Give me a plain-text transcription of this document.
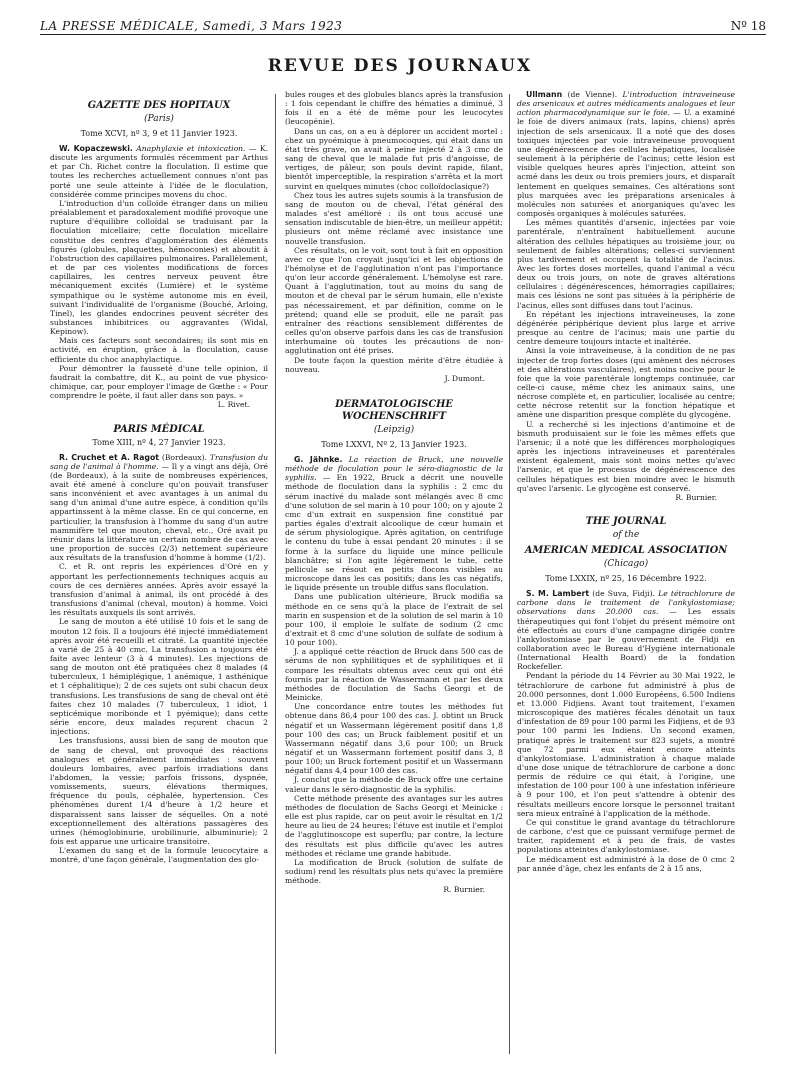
LA PRESSE MÉDICALE, Samedi, 3 Mars 1923	Nº 18
REVUE DES JOURNAUX
GAZETTE DES HOPITAUX
(Paris)
Tome XCVI, nº 3, 9 et 11 Janvier 1923.

W. Kopaczewski. Anaphylaxie et intoxication. — K. discute les arguments formulés récemment par Arthus et par Ch. Richet contre la floculation. Il estime que toutes les recherches actuellement connues n'ont pas porté une seule atteinte à l'idée de le floculation, considérée comme principes movens du choc.

L'introduction d'un colloïde étranger dans un milieu préalablement et paradoxalement modifié provoque une rupture d'équilibre colloïdal se traduisant par la floculation micellaire; cette floculation micellaire constitue des centres d'agglomération des éléments figurés (globules, plaquettes, hémoconies) et aboutit à l'obstruction des capillaires pulmonaires. Parallèlement, et de par ces violentes modifications de forces capillaires, les centres nerveux peuvent être mécaniquement excités (Lumière) et le système sympathique ou le système autonome mis en éveil, suivant l'individualité de l'organisme (Bouché, Arloing, Tinel), les glandes endocrines peuvent sécréter des substances inhibitrices ou aggravantes (Widal, Kepinow).

Mais ces facteurs sont secondaires; ils sont mis en activité, en éruption, grâce à la floculation, cause efficiente du choc anaphylactique.

Pour démontrer la fausseté d'une telle opinion, il faudrait la combattre, dit K., au point de vue physico-chimique, car, pour employer l'image de Gœthe : « Pour comprendre le poète, il faut aller dans son pays. »

L. Rivet.

PARIS MÉDICAL
Tome XIII, nº 4, 27 Janvier 1923.

R. Cruchet et A. Ragot (Bordeaux). Transfusion du sang de l'animal à l'homme. — Il y a vingt ans déjà, Oré (de Bordeaux), à la suite de nombreuses expériences, avait été amené à conclure qu'on pouvait transfuser sans inconvénient et avec avantages à un animal du sang d'un animal d'une autre espèce, à condition qu'ils appartinssent à la même classe. En ce qui concerne, en particulier, la transfusion à l'homme du sang d'un autre mammifère tel que mouton, cheval, etc., Oré avait pu réunir dans la littérature un certain nombre de cas avec une proportion de succès (2/3) nettement supérieure aux résultats de la transfusion d'homme à homme (1/2).

C. et R. ont repris les expériences d'Oré en y apportant les perfectionnements techniques acquis au cours de ces dernières années. Après avoir essayé la transfusion d'animal à animal, ils ont procédé à des transfusions d'animal (cheval, mouton) à homme. Voici les résultats auxquels ils sont arrivés.

Le sang de mouton a été utilisé 10 fois et le sang de mouton 12 fois. Il a toujours été injecté immédiatement après avoir été recueilli et citraté. La quantité injectée a varié de 25 à 40 cmc. La transfusion a toujours été faite avec lenteur (3 à 4 minutes). Les injections de sang de mouton ont été pratiquées chez 8 malades (4 tuberculeux, 1 hémiplégique, 1 anémique, 1 asthénique et 1 céphalitique); 2 de ces sujets ont subi chacun deux transfusions. Les transfusions de sang de cheval ont été faites chez 10 malades (7 tuberculeux, 1 idiot, 1 septicémique moribonde et 1 pyémique); dans cette série encore, deux malades reçurent chacun 2 injections.

Les transfusions, aussi bien de sang de mouton que de sang de cheval, ont provoqué des réactions analogues et généralement immédiates : souvent douleurs lombaires, avec parfois irradiations dans l'abdomen, la vessie; parfois frissons, dyspnée, vomissements, sueurs, élévations thermiques, fréquence du pouls, céphalée, hypertension. Ces phénomènes durent 1/4 d'heure à 1/2 heure et disparaissent sans laisser de séquelles. On a noté exceptionnellement des altérations passagères des urines (hémoglobinurie, urobilinurie, albuminurie); 2 fois est apparue une urticaire transitoire.

L'examen du sang et de la formule leucocytaire a montré, d'une façon générale, l'augmentation des glo-

bules rouges et des globules blancs après la transfusion : 1 fois cependant le chiffre des hématies a diminué, 3 fois il en a été de même pour les leucocytes (leucopénie).

Dans un cas, on a eu à déplorer un accident mortel : chez un pyoémique à pneumocoques, qui était dans un état très grave, on avait à peine injecté 2 à 3 cmc de sang de cheval que le malade fut pris d'angoisse, de vertiges, de pâleur, son pouls devint rapide, filant, bientôt imperceptible, la respiration s'arrêta et la mort survint en quelques minutes (choc colloïdoclasique?)

Chez tous les autres sujets soumis à la transfusion de sang de mouton ou de cheval, l'état général des malades s'est amélioré : ils ont tous accusé une sensation indiscutable de bien-être, un meilleur appétit; plusieurs ont même réclamé avec insistance une nouvelle transfusion.

Ces résultats, on le voit, sont tout à fait en opposition avec ce que l'on croyait jusqu'ici et les objections de l'hémolyse et de l'agglutination n'ont pas l'importance qu'on leur accorde généralement. L'hémolyse est rare. Quant à l'agglutination, tout au moins du sang de mouton et de cheval par le sérum humain, elle n'existe pas nécessairement, et par définition, comme on le prétend; quand elle se produit, elle ne paraît pas entraîner des réactions sensiblement différentes de celles qu'on observe parfois dans les cas de transfusion interhumaine où toutes les précautions de non-agglutination ont été prises.

De toute façon la question mérite d'être étudiée à nouveau.

J. Dumont.

DERMATOLOGISCHE WOCHENSCHRIFT
(Leipzig)
Tome LXXVI, Nº 2, 13 Janvier 1923.

G. Jähnke. La réaction de Bruck, une nouvelle méthode de floculation pour le séro-diagnostic de la syphilis. — En 1922, Bruck a décrit une nouvelle méthode de floculation dans la syphilis : 2 cmc du sérum inactivé du malade sont mélangés avec 8 cmc d'une solution de sel marin à 10 pour 100; on y ajoute 2 cmc d'un extrait en suspension fine constitué par parties égales d'extrait alcoolique de cœur humain et de sérum physiologique. Après agitation, on centrifuge le contenu du tube à essai pendant 20 minutes : il se forme à la surface du liquide une mince pellicule blanchâtre; si l'on agite légèrement le tube, cette pellicule se résout en petits flocons visibles au microscope dans les cas positifs; dans les cas négatifs, le liquide présente un trouble diffus sans floculation.

Dans une publication ultérieure, Bruck modifia sa méthode en ce sens qu'à la place de l'extrait de sel marin en suspension et de la solution de sel marin à 10 pour 100, il emploie le sulfate de sodium (2 cmc d'extrait et 8 cmc d'une solution de sulfate de sodium à 10 pour 100).

J. a appliqué cette réaction de Bruck dans 500 cas de sérums de non syphilitiques et de syphilitiques et il compare les résultats obtenus avec ceux qui ont été fournis par la réaction de Wassermann et par les deux méthodes de floculation de Sachs Georgi et de Meinicke.

Une concordance entre toutes les méthodes fut obtenue dans 86,4 pour 100 des cas. J. obtint un Bruck négatif et un Wassermann légèrement positif dans 1,8 pour 100 des cas; un Bruck faiblement positif et un Wassermann négatif dans 3,6 pour 100; un Bruck négatif et un Wassermann fortement positif dans 3, 8 pour 100; un Bruck fortement positif et un Wassermann négatif dans 4,4 pour 100 des cas.

J. conclut que la méthode de Bruck offre une certaine valeur dans le séro-diagnostic de la syphilis.

Cette méthode présente des avantages sur les autres méthodes de floculation de Sachs Georgi et Meinicke : elle est plus rapide, car on peut avoir le résultat en 1/2 heure au lieu de 24 heures; l'étuve est inutile et l'emploi de l'agglutinoscope est superflu; par contre, la lecture des résultats est plus difficile qu'avec les autres méthodes et réclame une grande habitude.

La modification de Bruck (solution de sulfate de sodium) rend les résultats plus nets qu'avec la première méthode.

R. Burnier.

Ullmann (de Vienne). L'introduction intraveineuse des arsenicaux et autres médicaments analogues et leur action pharmacodynamique sur le foie. — U. a examiné le foie de divers animaux (rats, lapins, chiens) après injection de sels arsenicaux. Il a noté que des doses toxiques injectées par voie intraveineuse provoquent une dégénérescence des cellules hépatiques, localisée seulement à la périphérie de l'acinus; cette lésion est visible quelques heures après l'injection, atteint son acmé dans les deux ou trois premiers jours, et disparaît lentement en quelques semaines. Ces altérations sont plus marquées avec les préparations arsenicales à molécules non saturées et anorganiques qu'avec les composés organiques à molécules saturées.

Les mêmes quantités d'arsenic, injectées par voie parentérale, n'entraînent habituellement aucune altération des cellules hépatiques au troisième jour, ou seulement de faibles altérations; celles-ci surviennent plus tardivement et occupent la totalité de l'acinus. Avec les fortes doses mortelles, quand l'animal a vécu deux ou trois jours, on note de graves altérations cellulaires : dégénérescences, hémorragies capillaires; mais ces lésions ne sont pas situées à la périphérie de l'acinus, elles sont diffuses dans tout l'acinus.

En répétant les injections intraveineuses, la zone dégénérée périphérique devient plus large et arrive presque au centre de l'acinus; mais une partie du centre demeure toujours intacte et inaltérée.

Ainsi la voie intraveineuse, à la condition de ne pas injecter de trop fortes doses (qui amènent des nécroses et des altérations vasculaires), est moins nocive pour le foie que la voie parentérale longtemps continuée, car celle-ci cause, même chez les animaux sains, une nécrose complète et, en particulier, localisée au centre; cette nécrose retentit sur la fonction hépatique et amène une disparition presque complète du glycogène.

U. a recherché si les injections d'antimoine et de bismuth produisaient sur le foie les mêmes effets que l'arsenic; il a noté que les différences morphologiques après les injections intraveineuses et parentérales existent également, mais sont moins nettes qu'avec l'arsenic, et que le processus de dégénérescence des cellules hépatiques est bien moindre avec le bismuth qu'avec l'arsenic. Le glycogène est conservé.

R. Burnier.

THE JOURNAL
of the
AMERICAN MEDICAL ASSOCIATION
(Chicago)
Tome LXXIX, nº 25, 16 Décembre 1922.

S. M. Lambert (de Suva, Fidji). Le tétrachlorure de carbone dans le traitement de l'ankylostomiase; observations dans 20.000 cas. — Les essais thérapeutiques qui font l'objet du présent mémoire ont été effectués au cours d'une campagne dirigée contre l'ankylostomiase par le gouvernement de Fidji en collaboration avec le Bureau d'Hygiène internationale (International Health Board) de la fondation Rockefeller.

Pendant la période du 14 Février au 30 Mai 1922, le tétrachlorure de carbone fut administré à plus de 20.000 personnes, dont 1.000 Européens, 6.500 Indiens et 13.000 Fidjiens. Avant tout traitement, l'examen microscopique des matières fécales dénotait un taux d'infestation de 89 pour 100 parmi les Fidjiens, et de 93 pour 100 parmi les Indiens. Un second examen, pratiqué après le traitement sur 823 sujets, a montré que 72 parmi eux étaient encore atteints d'ankylostomiase. L'administration à chaque malade d'une dose unique de tétrachlorure de carbone a donc permis de réduire ce qui était, à l'origine, une infestation de 100 pour 100 à une infestation inférieure à 9 pour 100, et l'on peut s'attendre à obtenir des résultats meilleurs encore lorsque le personnel traitant sera mieux entraîné à l'application de la méthode.

Ce qui constitue le grand avantage du tétrachlorure de carbone, c'est que ce puissant vermifuge permet de traiter, rapidement et à peu de frais, de vastes populations atteintes d'ankylostomiase.

Le médicament est administré à la dose de 0 cmc 2 par année d'âge, chez les enfants de 2 à 15 ans,
